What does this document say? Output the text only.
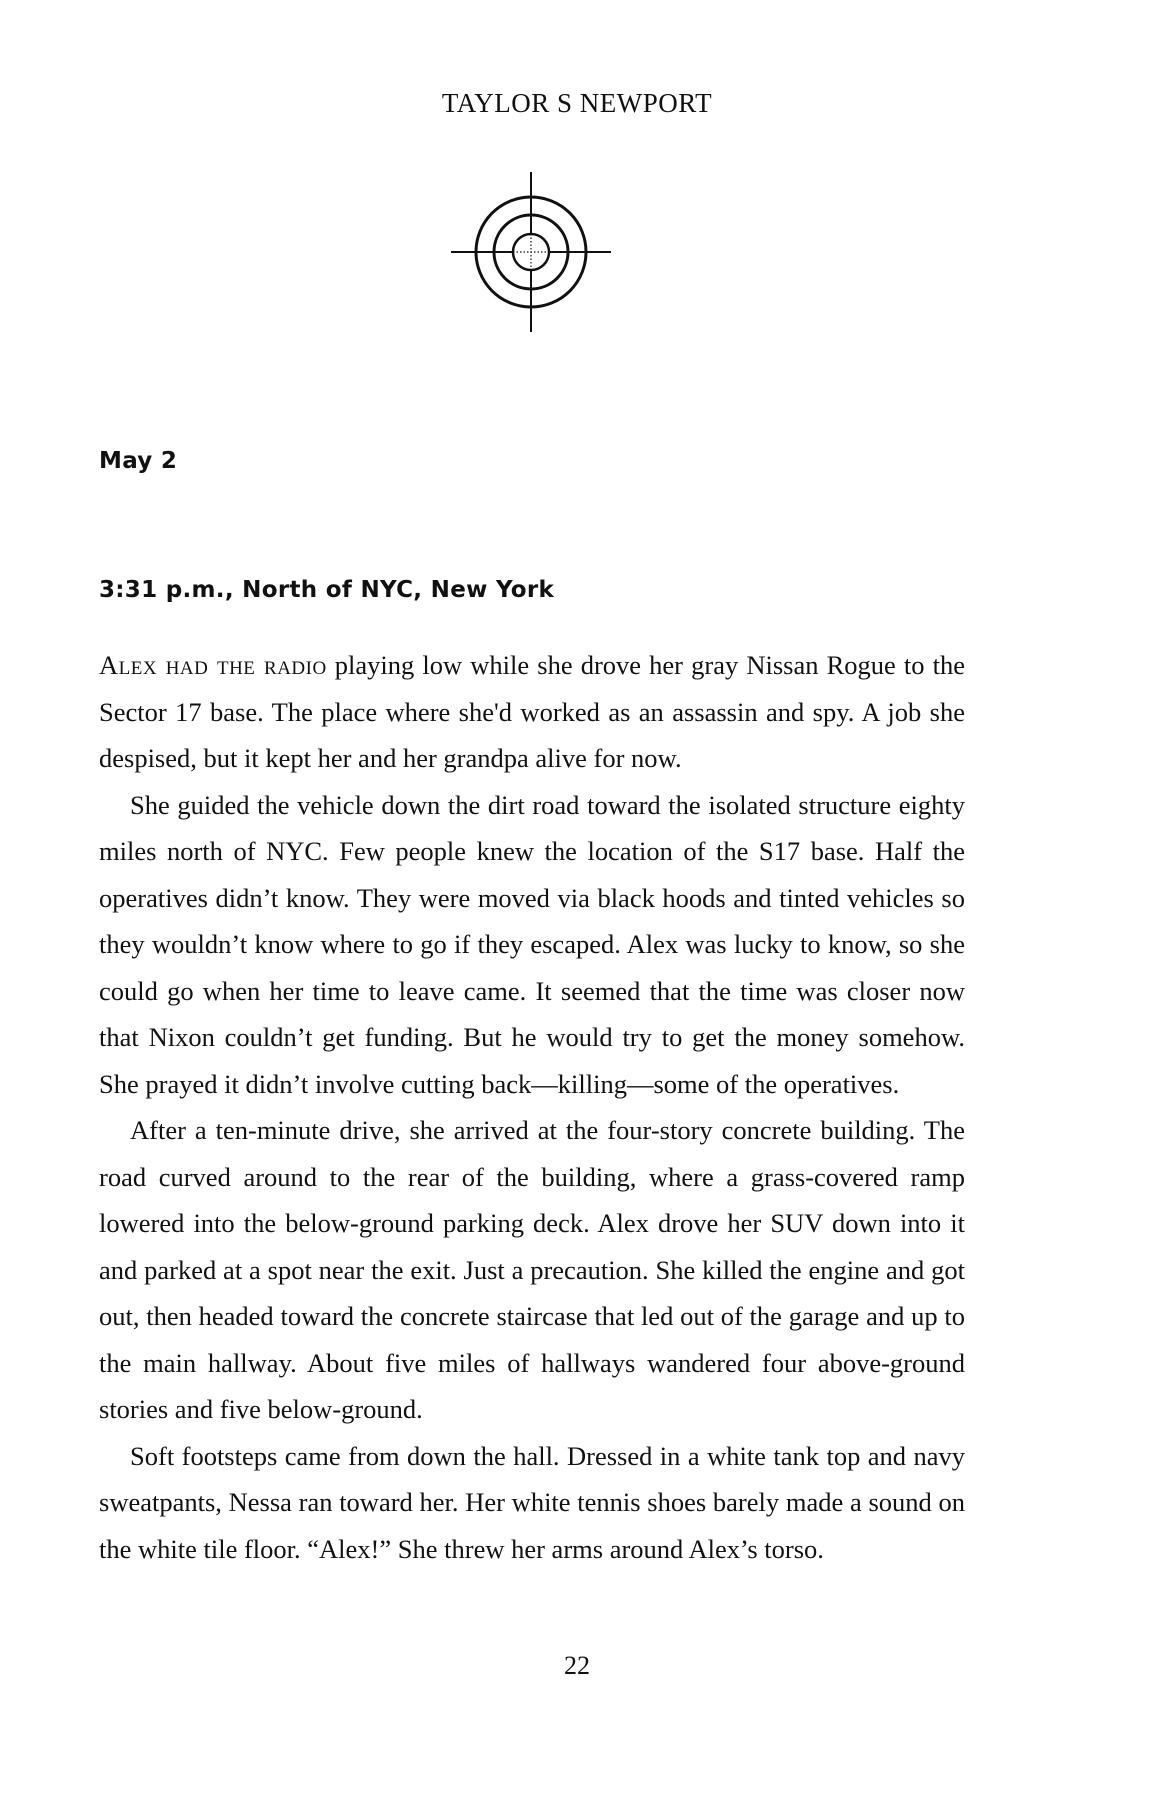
TAYLOR S NEWPORT
May 2
3:31 p.m., North of NYC, New York

Alex had the radio playing low while she drove her gray Nissan Rogue to the Sector 17 base. The place where she'd worked as an assassin and spy. A job she despised, but it kept her and her grandpa alive for now.

She guided the vehicle down the dirt road toward the isolated structure eighty miles north of NYC. Few people knew the location of the S17 base. Half the operatives didn’t know. They were moved via black hoods and tinted vehicles so they wouldn’t know where to go if they escaped. Alex was lucky to know, so she could go when her time to leave came. It seemed that the time was closer now that Nixon couldn’t get funding. But he would try to get the money somehow. She prayed it didn’t involve cutting back—killing—some of the operatives.

After a ten-minute drive, she arrived at the four-story concrete building. The road curved around to the rear of the building, where a grass-covered ramp lowered into the below-ground parking deck. Alex drove her SUV down into it and parked at a spot near the exit. Just a precaution. She killed the engine and got out, then headed toward the concrete staircase that led out of the garage and up to the main hallway. About five miles of hallways wandered four above-ground stories and five below-ground.

Soft footsteps came from down the hall. Dressed in a white tank top and navy sweatpants, Nessa ran toward her. Her white tennis shoes barely made a sound on the white tile floor. “Alex!” She threw her arms around Alex’s torso.

22
